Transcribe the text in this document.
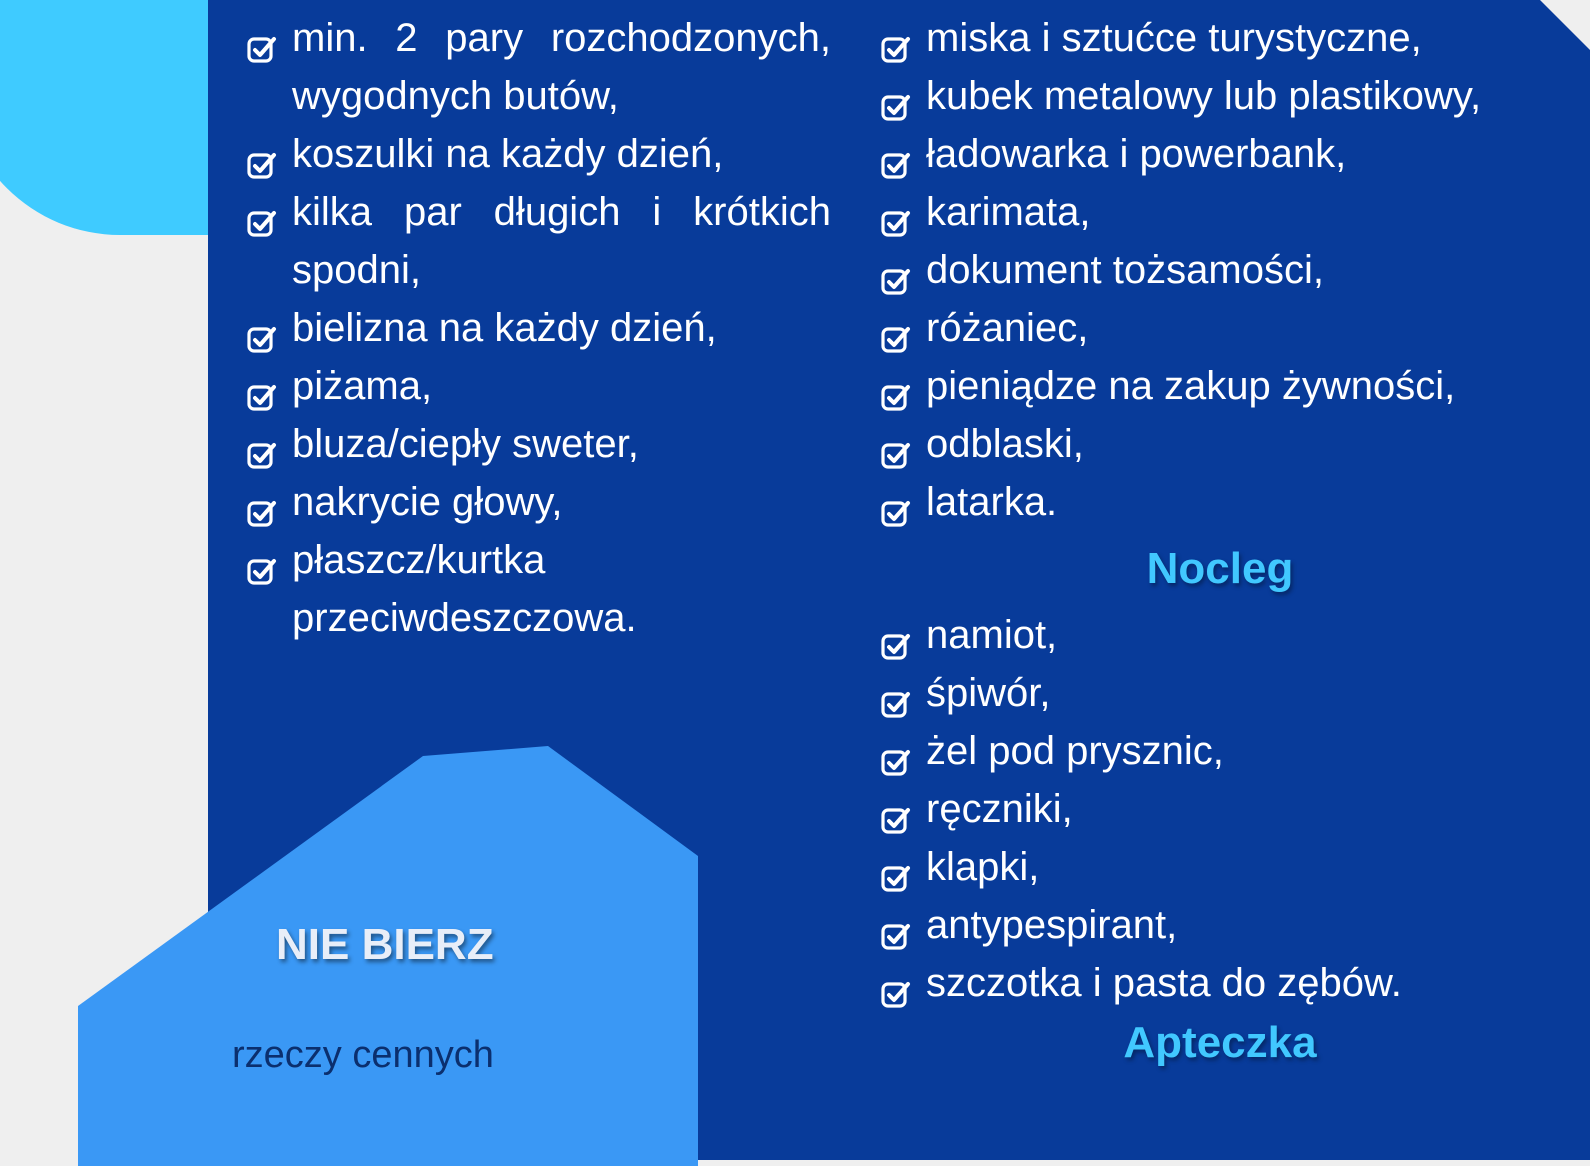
min. 2 pary rozchodzonych, wygodnych butów,
koszulki na każdy dzień,
kilka par długich i krótkich spodni,
bielizna na każdy dzień,
piżama,
bluza/ciepły sweter,
nakrycie głowy,
płaszcz/kurtka przeciwdeszczowa.
miska i sztućce turystyczne,
kubek metalowy lub plastikowy,
ładowarka i powerbank,
karimata,
dokument tożsamości,
różaniec,
pieniądze na zakup żywności,
odblaski,
latarka.
Nocleg
namiot,
śpiwór,
żel pod prysznic,
ręczniki,
klapki,
antypespirant,
szczotka i pasta do zębów.
Apteczka
NIE BIERZ
rzeczy cennych
